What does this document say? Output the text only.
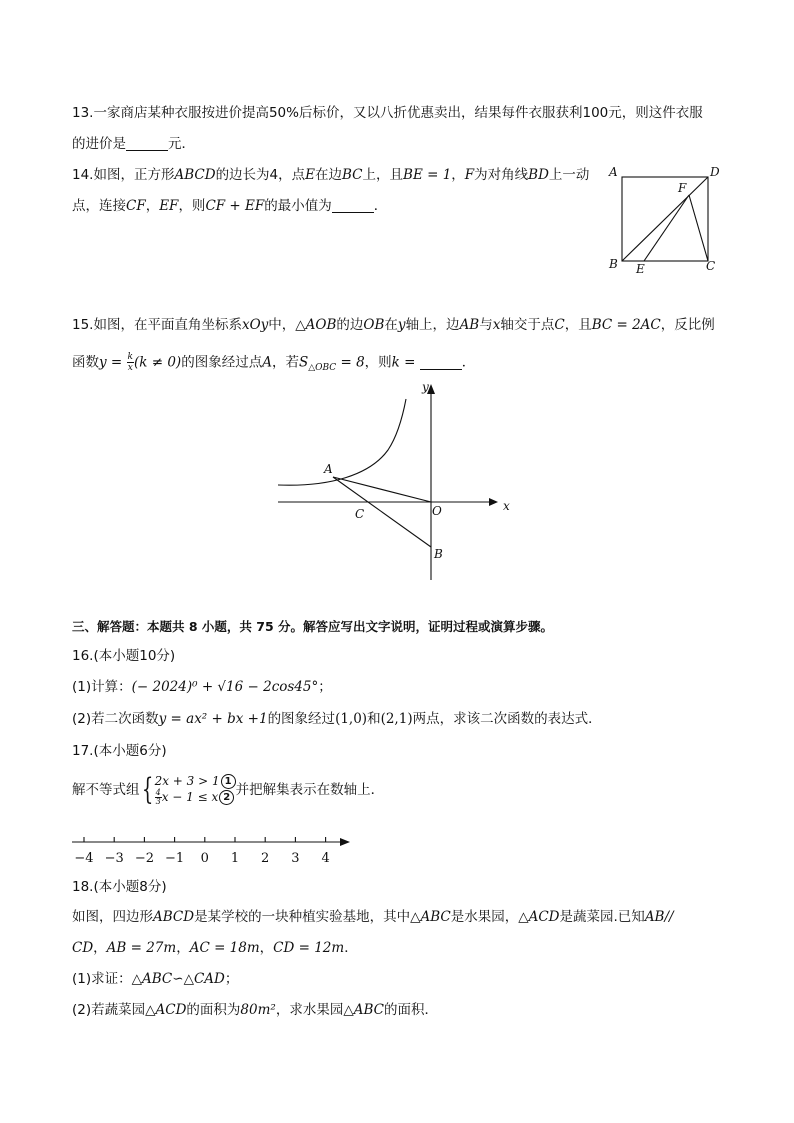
13.一家商店某种衣服按进价提高50%后标价，又以八折优惠卖出，结果每件衣服获利100元，则这件衣服
的进价是	元．
14.如图，正方形ABCD的边长为4，点E在边BC上，且BE = 1，F为对角线BD上一动
点，连接CF，EF，则CF + EF的最小值为	．
A	D
F
B E	C
15.如图，在平面直角坐标系xOy中，△AOB的边OB在y轴上，边AB与x轴交于点C，且BC = 2AC，反比例
函数$y = \frac{k}{x} (k \ne 0)$的图象经过点A，若$S_{\triangle OBC} = 8$，则k =	．
y
A
C	O	x
B
三、解答题：本题共 8 小题，共 75 分。解答应写出文字说明，证明过程或演算步骤。
16.(本小题10分)
(1)计算：(− 2024)⁰ + √16 − 2cos45°；
(2)若二次函数y = ax² + bx +1的图象经过(1,0)和(2,1)两点，求该二次函数的表达式．
17.(本小题6分)
解不等式组{ 2x + 3 > 1 1
$\frac{4}{3}$ x − 1 ≤ x 2 并把解集表示在数轴上．
−4 −3 −2 −1 0 1 2 3 4
18.(本小题8分)
如图，四边形ABCD是某学校的一块种植实验基地，其中△ABC是水果园，△ACD是蔬菜园.已知AB//
CD，AB = 27m，AC = 18m，CD = 12m．
(1)求证：△ABC∽△CAD；
(2)若蔬菜园△ACD的面积为80m²，求水果园△ABC的面积．
